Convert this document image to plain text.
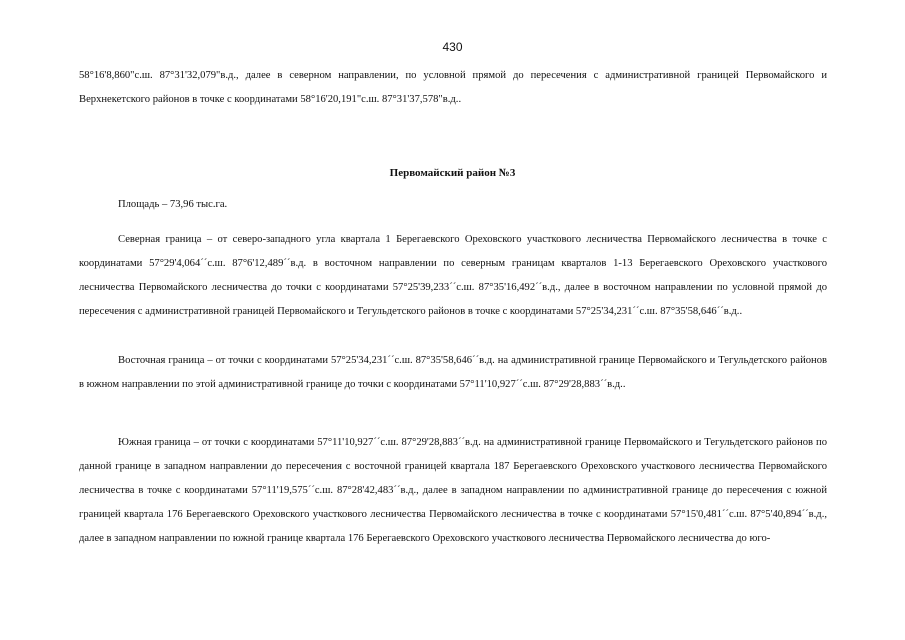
430

58°16'8,860"с.ш. 87°31'32,079"в.д., далее в северном направлении, по условной прямой до пересечения с административной границей Первомайского и Верхнекетского районов в точке с координатами 58°16'20,191"с.ш. 87°31'37,578"в.д..

Первомайский район №3

Площадь – 73,96 тыс.га.

Северная граница – от северо-западного угла квартала 1 Берегаевского Ореховского участкового лесничества Первомайского лесничества в точке с координатами 57°29'4,064´´с.ш. 87°6'12,489´´в.д. в восточном направлении по северным границам кварталов 1-13 Берегаевского Ореховского участкового лесничества Первомайского лесничества до точки с координатами 57°25'39,233´´с.ш. 87°35'16,492´´в.д., далее в восточном направлении по условной прямой до пересечения с административной границей Первомайского и Тегульдетского районов в точке с координатами 57°25'34,231´´с.ш. 87°35'58,646´´в.д..

Восточная граница – от точки с координатами 57°25'34,231´´с.ш. 87°35'58,646´´в.д. на административной границе Первомайского и Тегульдетского районов в южном направлении по этой административной границе до точки с координатами 57°11'10,927´´с.ш. 87°29'28,883´´в.д..

Южная граница – от точки с координатами 57°11'10,927´´с.ш. 87°29'28,883´´в.д. на административной границе Первомайского и Тегульдетского районов по данной границе в западном направлении до пересечения с восточной границей квартала 187 Берегаевского Ореховского участкового лесничества Первомайского лесничества в точке с координатами 57°11'19,575´´с.ш. 87°28'42,483´´в.д., далее в западном направлении по административной границе до пересечения с южной границей квартала 176 Берегаевского Ореховского участкового лесничества Первомайского лесничества в точке с координатами 57°15'0,481´´с.ш. 87°5'40,894´´в.д., далее в западном направлении по южной границе квартала 176 Берегаевского Ореховского участкового лесничества Первомайского лесничества до юго-
